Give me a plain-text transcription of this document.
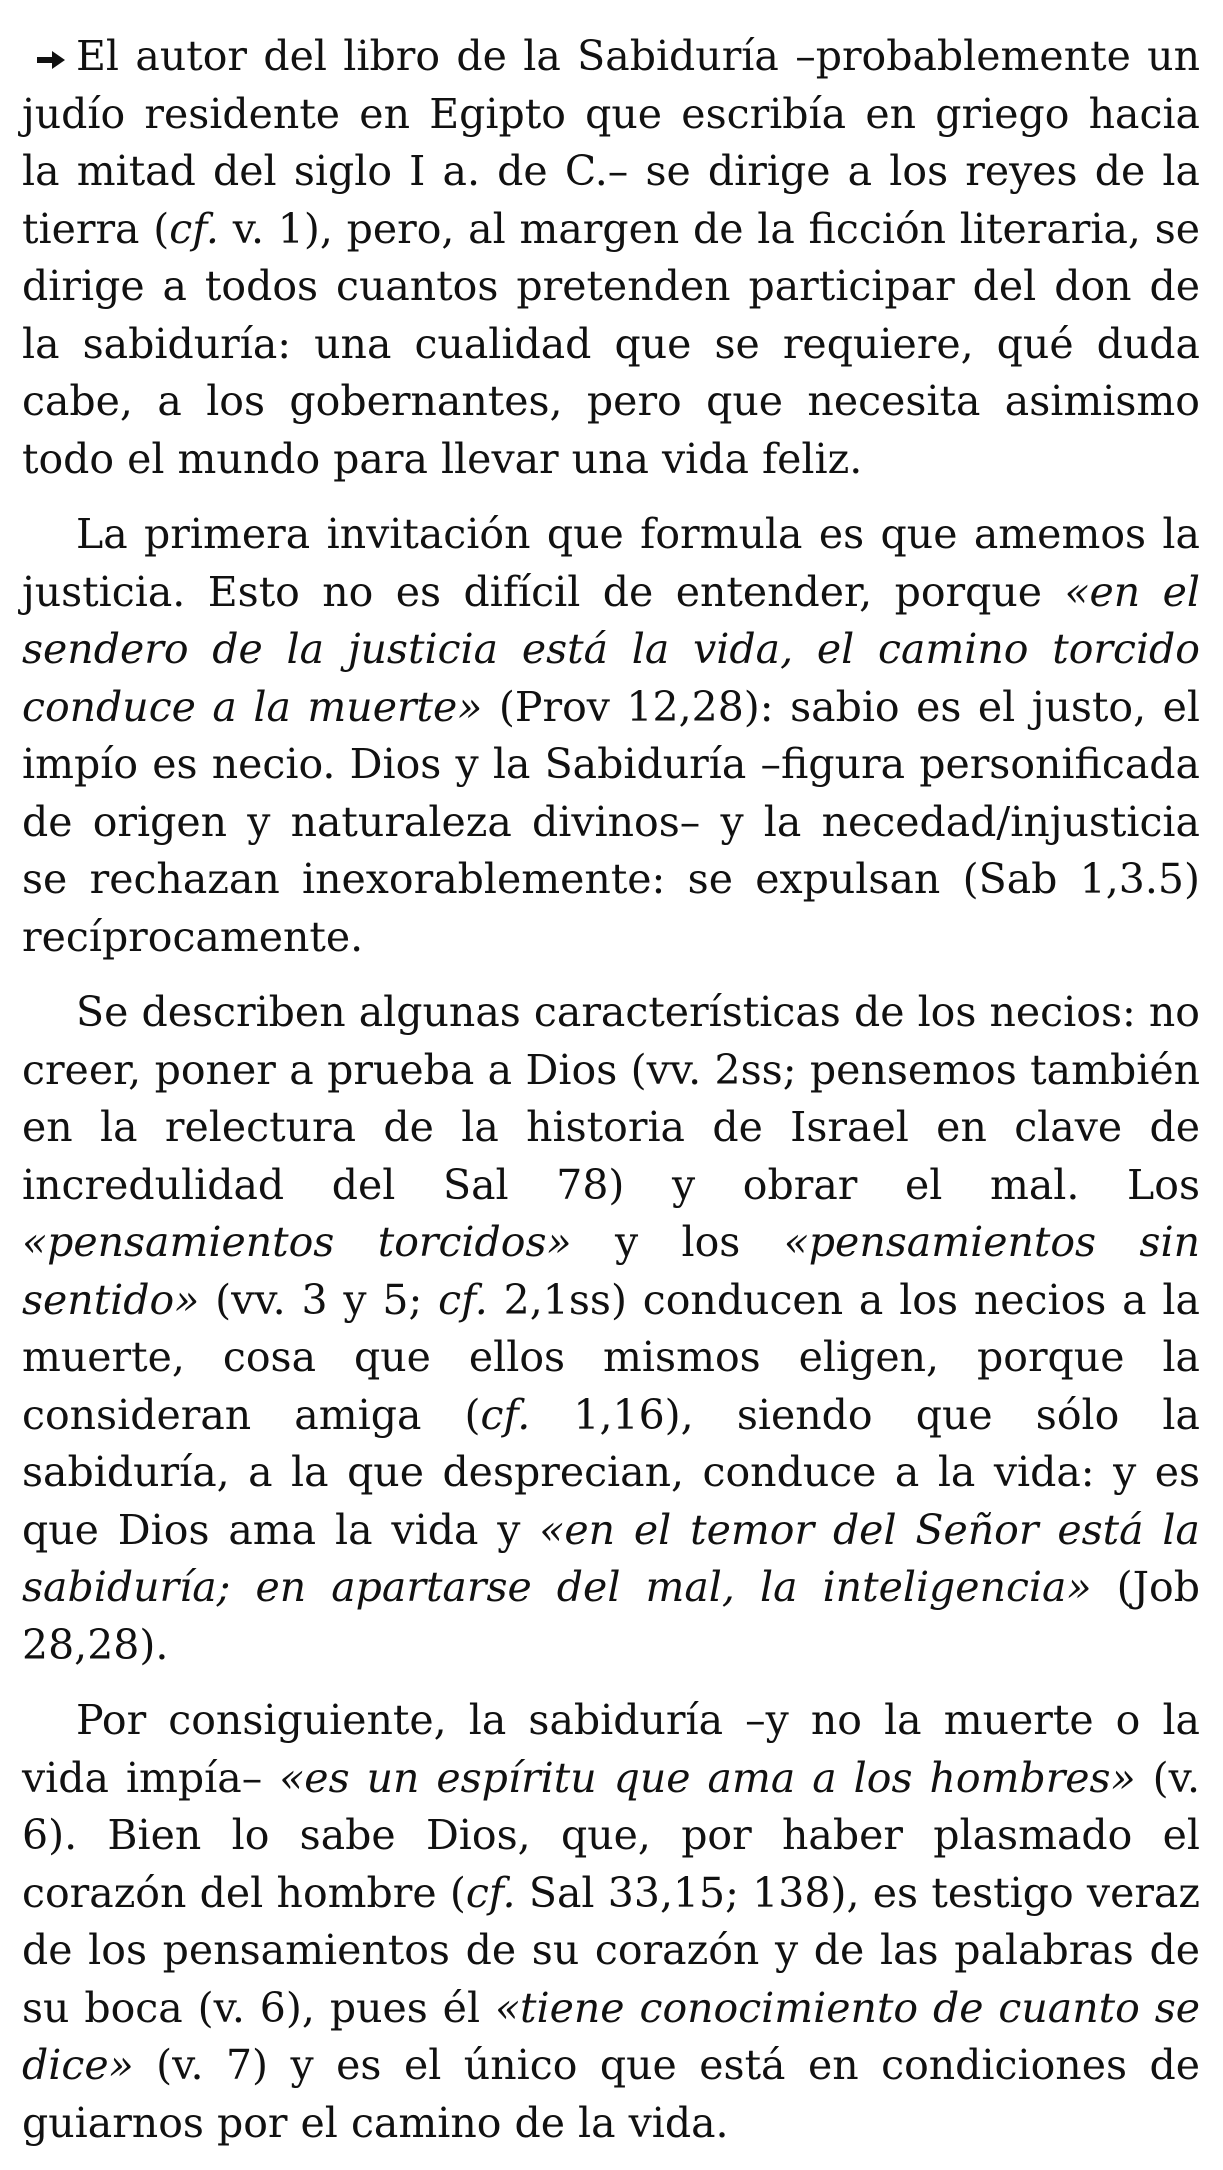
El autor del libro de la Sabiduría –probablemente un judío residente en Egipto que escribía en griego hacia la mitad del siglo I a. de C.– se dirige a los reyes de la tierra (cf. v. 1), pero, al margen de la ficción literaria, se dirige a todos cuantos pretenden participar del don de la sabiduría: una cualidad que se requiere, qué duda cabe, a los gobernantes, pero que necesita asimismo todo el mundo para llevar una vida feliz.

La primera invitación que formula es que amemos la justicia. Esto no es difícil de entender, porque «en el sendero de la justicia está la vida, el camino torcido conduce a la muerte» (Prov 12,28): sabio es el justo, el impío es necio. Dios y la Sabiduría –figura personificada de origen y naturaleza divinos– y la necedad/injusticia se rechazan inexorablemente: se expulsan (Sab 1,3.5) recíprocamente.

Se describen algunas características de los necios: no creer, poner a prueba a Dios (vv. 2ss; pensemos también en la relectura de la historia de Israel en clave de incredulidad del Sal 78) y obrar el mal. Los «pensamientos torcidos» y los «pensamientos sin sentido» (vv. 3 y 5; cf. 2,1ss) conducen a los necios a la muerte, cosa que ellos mismos eligen, porque la consideran amiga (cf. 1,16), siendo que sólo la sabiduría, a la que desprecian, conduce a la vida: y es que Dios ama la vida y «en el temor del Señor está la sabiduría; en apartarse del mal, la inteligencia» (Job 28,28).

Por consiguiente, la sabiduría –y no la muerte o la vida impía– «es un espíritu que ama a los hombres» (v. 6). Bien lo sabe Dios, que, por haber plasmado el corazón del hombre (cf. Sal 33,15; 138), es testigo veraz de los pensamientos de su corazón y de las palabras de su boca (v. 6), pues él «tiene conocimiento de cuanto se dice» (v. 7) y es el único que está en condiciones de guiarnos por el camino de la vida.
